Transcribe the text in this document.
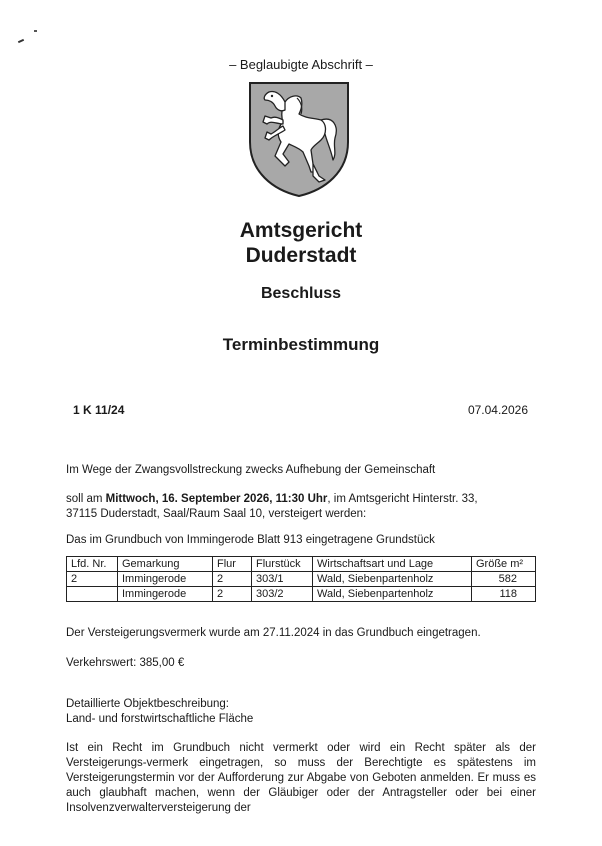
– Beglaubigte Abschrift –
Amtsgericht
Duderstadt
Beschluss
Terminbestimmung
1 K 11/24	07.04.2026
Im Wege der Zwangsvollstreckung zwecks Aufhebung der Gemeinschaft
soll am Mittwoch, 16. September 2026, 11:30 Uhr, im Amtsgericht Hinterstr. 33,
37115 Duderstadt, Saal/Raum Saal 10, versteigert werden:
Das im Grundbuch von Immingerode Blatt 913 eingetragene Grundstück
Lfd. Nr.	Gemarkung	Flur	Flurstück	Wirtschaftsart und Lage	Größe m²
2	Immingerode	2	303/1	Wald, Siebenpartenholz	582
	Immingerode	2	303/2	Wald, Siebenpartenholz	118
Der Versteigerungsvermerk wurde am 27.11.2024 in das Grundbuch eingetragen.
Verkehrswert: 385,00 €
Detaillierte Objektbeschreibung:
Land- und forstwirtschaftliche Fläche
Ist ein Recht im Grundbuch nicht vermerkt oder wird ein Recht später als der Versteigerungs-vermerk eingetragen, so muss der Berechtigte es spätestens im Versteigerungstermin vor der Aufforderung zur Abgabe von Geboten anmelden. Er muss es auch glaubhaft machen, wenn der Gläubiger oder der Antragsteller oder bei einer Insolvenzverwalterversteigerung der
